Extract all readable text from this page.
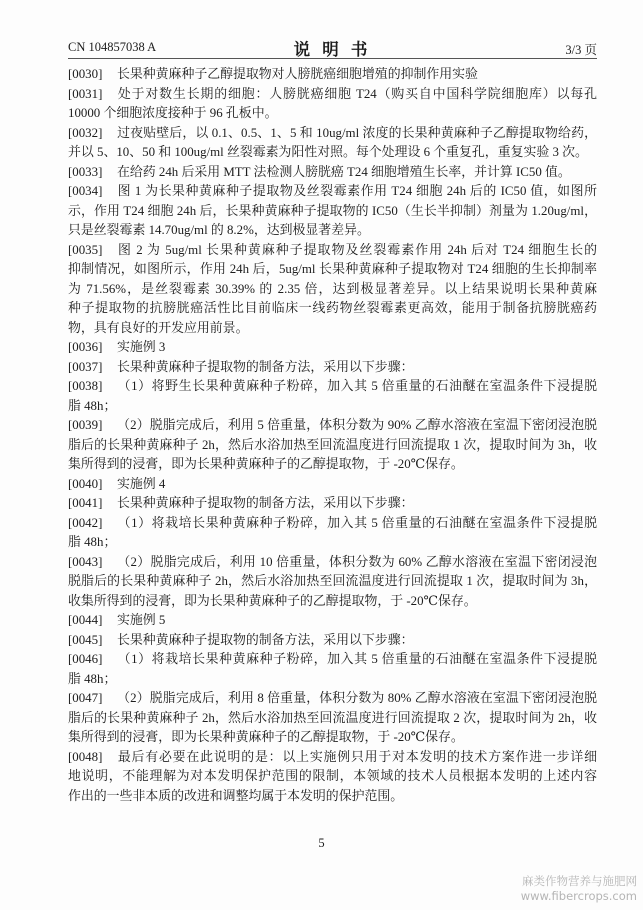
CN 104857038 A	说 明 书	3/3 页
[0030] 长果种黄麻种子乙醇提取物对人膀胱癌细胞增殖的抑制作用实验
[0031] 处于对数生长期的细胞：人膀胱癌细胞 T24（购买自中国科学院细胞库）以每孔
10000 个细胞浓度接种于 96 孔板中。
[0032] 过夜贴壁后，以 0.1、0.5、1、5 和 10ug/ml 浓度的长果种黄麻种子乙醇提取物给药，
并以 5、10、50 和 100ug/ml 丝裂霉素为阳性对照。每个处理设 6 个重复孔，重复实验 3 次。
[0033] 在给药 24h 后采用 MTT 法检测人膀胱癌 T24 细胞增殖生长率，并计算 IC50 值。
[0034] 图 1 为长果种黄麻种子提取物及丝裂霉素作用 T24 细胞 24h 后的 IC50 值，如图所
示，作用 T24 细胞 24h 后，长果种黄麻种子提取物的 IC50（生长半抑制）剂量为 1.20ug/ml，
只是丝裂霉素 14.70ug/ml 的 8.2%，达到极显著差异。
[0035] 图 2 为 5ug/ml 长果种黄麻种子提取物及丝裂霉素作用 24h 后对 T24 细胞生长的
抑制情况，如图所示，作用 24h 后，5ug/ml 长果种黄麻种子提取物对 T24 细胞的生长抑制率
为 71.56%，是丝裂霉素 30.39% 的 2.35 倍，达到极显著差异。以上结果说明长果种黄麻
种子提取物的抗膀胱癌活性比目前临床一线药物丝裂霉素更高效，能用于制备抗膀胱癌药
物，具有良好的开发应用前景。
[0036] 实施例 3
[0037] 长果种黄麻种子提取物的制备方法，采用以下步骤：
[0038] （1）将野生长果种黄麻种子粉碎，加入其 5 倍重量的石油醚在室温条件下浸提脱
脂 48h；
[0039] （2）脱脂完成后，利用 5 倍重量，体积分数为 90% 乙醇水溶液在室温下密闭浸泡脱
脂后的长果种黄麻种子 2h，然后水浴加热至回流温度进行回流提取 1 次，提取时间为 3h，收
集所得到的浸膏，即为长果种黄麻种子的乙醇提取物，于 -20℃保存。
[0040] 实施例 4
[0041] 长果种黄麻种子提取物的制备方法，采用以下步骤：
[0042] （1）将栽培长果种黄麻种子粉碎，加入其 5 倍重量的石油醚在室温条件下浸提脱
脂 48h；
[0043] （2）脱脂完成后，利用 10 倍重量，体积分数为 60% 乙醇水溶液在室温下密闭浸泡
脱脂后的长果种黄麻种子 2h，然后水浴加热至回流温度进行回流提取 1 次，提取时间为 3h，
收集所得到的浸膏，即为长果种黄麻种子的乙醇提取物，于 -20℃保存。
[0044] 实施例 5
[0045] 长果种黄麻种子提取物的制备方法，采用以下步骤：
[0046] （1）将栽培长果种黄麻种子粉碎，加入其 5 倍重量的石油醚在室温条件下浸提脱
脂 48h；
[0047] （2）脱脂完成后，利用 8 倍重量，体积分数为 80% 乙醇水溶液在室温下密闭浸泡脱
脂后的长果种黄麻种子 2h，然后水浴加热至回流温度进行回流提取 2 次，提取时间为 2h，收
集所得到的浸膏，即为长果种黄麻种子的乙醇提取物，于 -20℃保存。
[0048] 最后有必要在此说明的是：以上实施例只用于对本发明的技术方案作进一步详细
地说明，不能理解为对本发明保护范围的限制，本领域的技术人员根据本发明的上述内容
作出的一些非本质的改进和调整均属于本发明的保护范围。
5
麻类作物营养与施肥网
www.fibercrops.com
